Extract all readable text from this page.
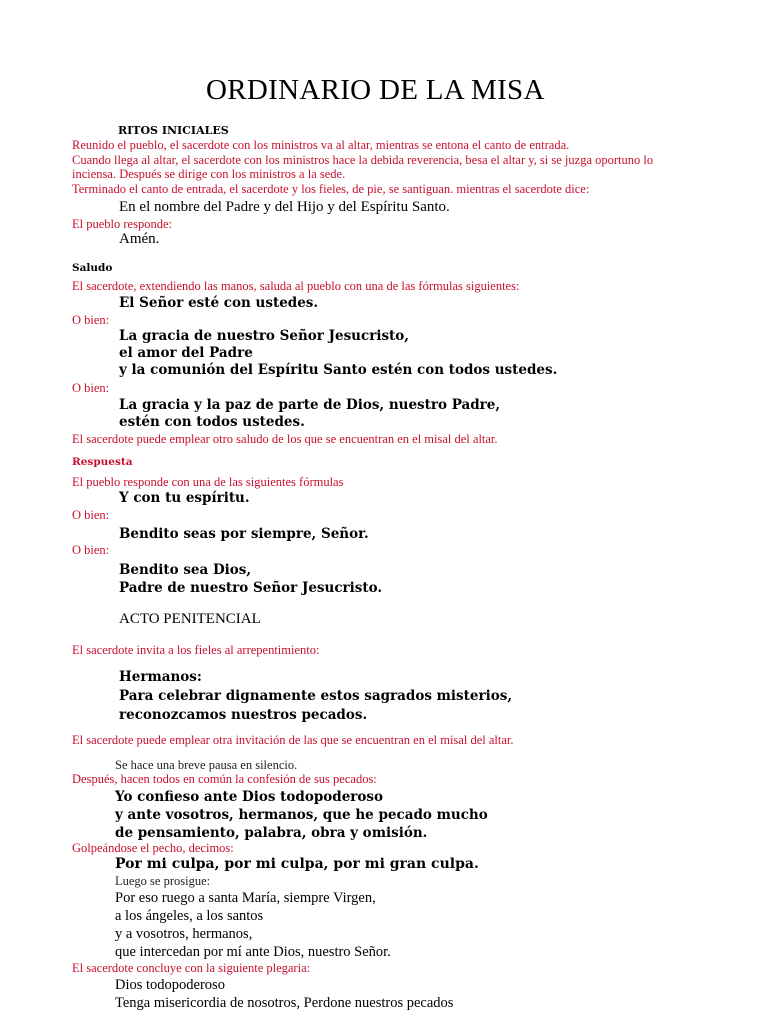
ORDINARIO DE LA MISA
RITOS INICIALES
Reunido el pueblo, el sacerdote con los ministros va al altar, mientras se entona el canto de entrada.
Cuando llega al altar, el sacerdote con los ministros hace la debida reverencia, besa el altar y, si se juzga oportuno lo
inciensa. Después se dirige con los ministros a la sede.
Terminado el canto de entrada, el sacerdote y los fieles, de pie, se santiguan. mientras el sacerdote dice:
En el nombre del Padre y del Hijo y del Espíritu Santo.
El pueblo responde:
Amén.
Saludo
El sacerdote, extendiendo las manos, saluda al pueblo con una de las fórmulas siguientes:
El Señor esté con ustedes.
O bien:
La gracia de nuestro Señor Jesucristo,
el amor del Padre
y la comunión del Espíritu Santo estén con todos ustedes.
O bien:
La gracia y la paz de parte de Dios, nuestro Padre,
estén con todos ustedes.
El sacerdote puede emplear otro saludo de los que se encuentran en el misal del altar.
Respuesta
El pueblo responde con una de las siguientes fórmulas
Y con tu espíritu.
O bien:
Bendito seas por siempre, Señor.
O bien:
Bendito sea Dios,
Padre de nuestro Señor Jesucristo.
ACTO PENITENCIAL
El sacerdote invita a los fieles al arrepentimiento:
Hermanos:
Para celebrar dignamente estos sagrados misterios,
reconozcamos nuestros pecados.
El sacerdote puede emplear otra invitación de las que se encuentran en el misal del altar.
Se hace una breve pausa en silencio.
Después, hacen todos en común la confesión de sus pecados:
Yo confieso ante Dios todopoderoso
y ante vosotros, hermanos, que he pecado mucho
de pensamiento, palabra, obra y omisión.
Golpeándose el pecho, decimos:
Por mi culpa, por mi culpa, por mi gran culpa.
Luego se prosigue:
Por eso ruego a santa María, siempre Virgen,
a los ángeles, a los santos
y a vosotros, hermanos,
que intercedan por mí ante Dios, nuestro Señor.
El sacerdote concluye con la siguiente plegaria:
Dios todopoderoso
Tenga misericordia de nosotros, Perdone nuestros pecados
